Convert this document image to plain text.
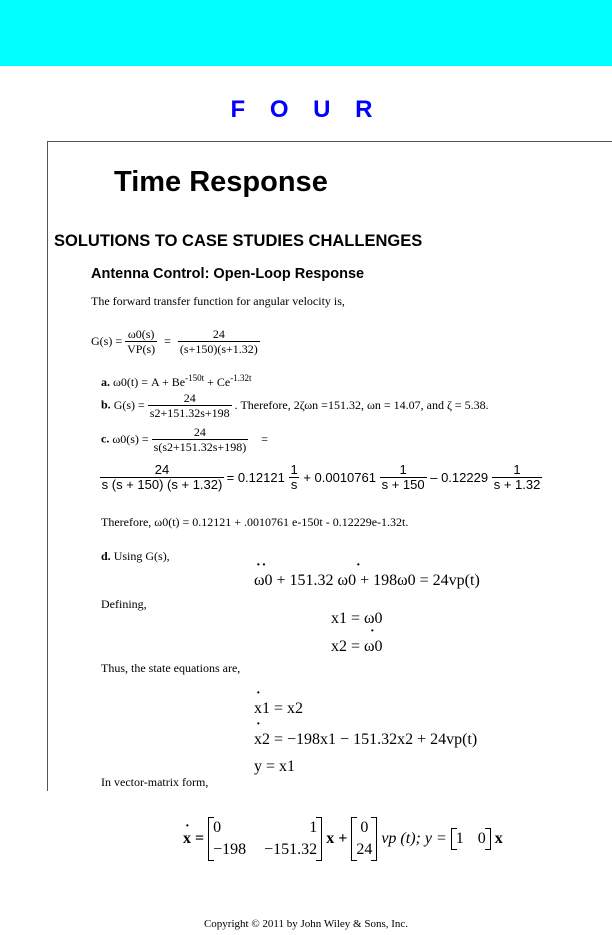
F O U R
Time Response
SOLUTIONS TO CASE STUDIES CHALLENGES
Antenna Control: Open-Loop Response
The forward transfer function for angular velocity is,
$G(s) = \frac{\omega 0(s)}{VP(s)} = \frac{24}{(s+150)(s+1.32)}$
a. $\omega 0(t) = A + Be^{-150t} + Ce^{-1.32t}$
b. $G(s) = \frac{24}{s2+151.32s+198}$ . Therefore, 2ζωn =151.32, ωn = 14.07, and ζ = 5.38.
c. $\omega 0(s) = \frac{24}{s(s2+151.32s+198)}$ =
$\frac{24}{s (s + 150) (s + 1.32)} = 0.12121 \frac{1}{s} + 0.0010761 \frac{1}{s + 150} - 0.12229 \frac{1}{s + 1.32}$
Therefore, ω0(t) = 0.12121 + .0010761 e-150t - 0.12229e-1.32t.
d. Using G(s),
ω0 + 151.32 ω0 + 198ω0 = 24vp(t)
··	·
Defining,
x1 = ω0
x2 = ω0
·
Thus, the state equations are,
x1 = x2
·
x2 = −198x1 − 151.32x2 + 24vp(t)
·
y = x1
In vector-matrix form,
x =
0	1
−198 −151.32
x +
0
24
vp (t); y = 1 0 x
·
Copyright © 2011 by John Wiley & Sons, Inc.
